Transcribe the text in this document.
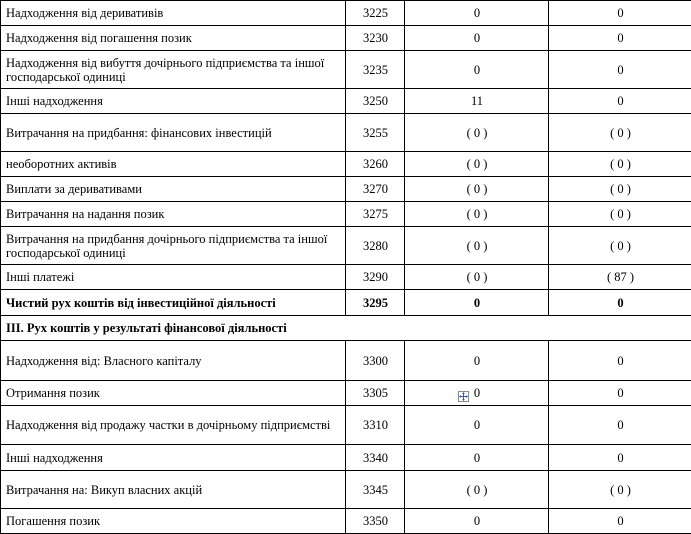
Надходження від деривативів	3225	0	0
Надходження від погашення позик	3230	0	0
Надходження від вибуття дочірнього підприємства та іншої господарської одиниці	3235	0	0
Інші надходження	3250	11	0
Витрачання на придбання: фінансових інвестицій	3255	( 0 )	( 0 )
необоротних активів	3260	( 0 )	( 0 )
Виплати за деривативами	3270	( 0 )	( 0 )
Витрачання на надання позик	3275	( 0 )	( 0 )
Витрачання на придбання дочірнього підприємства та іншої господарської одиниці	3280	( 0 )	( 0 )
Інші платежі	3290	( 0 )	( 87 )
Чистий рух коштів від інвестиційної діяльності	3295	0	0
ІІІ. Рух коштів у результаті фінансової діяльності			
Надходження від: Власного капіталу	3300	0	0
Отримання позик	3305	0	0
Надходження від продажу частки в дочірньому підприємстві	3310	0	0
Інші надходження	3340	0	0
Витрачання на: Викуп власних акцій	3345	( 0 )	( 0 )
Погашення позик	3350	0	0
